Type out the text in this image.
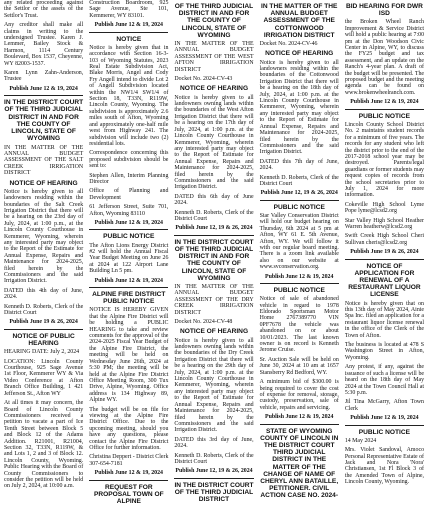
any related proceeding against the Settlor or the assets of the Settlor's Trust.

Any creditor shall make all claims in writing to the undersigned Trustee. Karen J. Lemmer, Bailey Stock & Harmon, 1114 Century Boulevard, Box 1537, Cheyenne, WY 82003-1537.

Karen Lynn Zahn-Anderson, Trustee

Publish June 12 & 19, 2024

IN THE DISTRICT COURT OF THE THIRD JUDICIAL DISTRICT IN AND FOR THE COUNTY OF LINCOLN, STATE OF WYOMING

IN THE MATTER OF THE ANNUAL BUDGET ASSESSMENT OF THE SALT CREEK IRRIGATION DISTRICT

NOTICE OF HEARING

Notice is hereby given to all landowners residing within the boundaries of the Salt Creek Irrigation District that there will be a hearing on the 23rd day of July, 2024, at 1:00 p.m., at the Lincoln County Courthouse in Kemmerer, Wyoming, wherein any interested party may object to the Report of the Estimate for Annual Expense, Repairs and Maintenance for 2024-2025, filed herein by the Commissioners and the said Irrigation District.

DATED this 4th day of June, 2024.

Kenneth D. Roberts, Clerk of the District Court

Publish June 19 & 26, 2024

NOTICE OF PUBLIC HEARING

HEARING DATE: July 2, 2024

LOCATION: Lincoln County Courthouse, 925 Sage Avenue 1st Floor, Kemmerer WY & Via Video Conference at Afton Branch Office Building, 1 421 Jefferson St., Afton WY

At all times it may concern, the Board of Lincoln County Commissioners received a petition to vacate a part of Ice Tenth Street between Block 5 and Block 12 of the Adams Addition. R21001, R21004, Section 32, T33N, R119W, & and Lots 1, 2 and 3 of Block 12. Lincoln County, Wyoming. Public Hearing with the Board of County Commissioners to consider the petition will be held on July 2, 2024, at 10:00 a.m.

Construction Boardroom, 925 Sage Avenue, Ste 101, Kemmerer, WY 83101.

Publish June 12 & 19, 2024

NOTICE

Notice is hereby given that in accordance with Section 16-3-103 of Wyoming Statutes, 2023 Real Estate Subdivision Act, Blake Morris, Angel and Cody Fry Angell intend to divide Lot 2 of Angell Subdivision located within the NW1/4 SW1/4 of Section 18, T33N, R119W, Lincoln County, Wyoming. The subdivision is approximately 2.6 miles south of Afton, Wyoming and approximately one-half mile west from Highway 241. The subdivision will include two (2) residential lots.

Correspondence concerning this proposed subdivision should be sent to:

Stephen Allen, Interim Planning Director

Office of Planning and Development

61 Jefferson Street, Suite 701, Afton, Wyoming 83110

Publish June 12 & 19, 2024

PUBLIC NOTICE

The Afton Lions Energy District #2 will hold the Annual Fiscal Year Budget Meeting on June 26 at 2024 at 122 Airport Lane Building Ln 5 pm.

Publish June 12 & 19, 2024

ALPINE FIRE DISTRICT PUBLIC NOTICE

NOTICE IS HEREBY GIVEN that the Alpine Fire District will be holding a PUBLIC HEARING to take and review comments for the approval of the 2024-2025 Fiscal Year Budget of the Alpine Fire District, the meeting will be held on Wednesday June 26th, 2024 at 5:30 PM; the meeting will be held at the Alpine Fire District Office Meeting Room, 300 Tux Drive, Alpine, Wyoming. Office address is 134 Highway 89, Alpine WY.

The budget will be on file for viewing at the Alpine Fire District Office. Due to the upcoming meeting, should you have any questions, please contact the Alpine Fire District Office for further information.

Christina Deppert - District Clerk 307-654-7181

Publish June 12 & 19, 2024

REQUEST FOR PROPOSAL TOWN OF ALPINE
OF THE THIRD JUDICIAL DISTRICT IN AND FOR THE COUNTY OF LINCOLN, STATE OF WYOMING

IN THE MATTER OF THE ANNUAL BUDGET ASSESSMENT OF THE WEST AFTON IRRIGATION DISTRICT

Docket No. 2024-CV-43

NOTICE OF HEARING

Notice is hereby given to all landowners owning lands within the boundaries of the West Afton Irrigation District that there will be a hearing on the 17th day of July, 2024, at 1:00 p.m. at the Lincoln County Courthouse in Kemmerer, Wyoming, wherein any interested party may object to the Report of Estimate for Annual Expense, Repairs and Maintenance for 2024-2025, filed herein by the Commissioners and the said Irrigation District.

DATED this 6th day of June 2024.

Kenneth D. Roberts, Clerk of the District Court

Publish June 12, 19 & 26, 2024

IN THE DISTRICT COURT OF THE THIRD JUDICIAL DISTRICT IN AND FOR THE COUNTY OF LINCOLN, STATE OF WYOMING

IN THE MATTER OF THE ANNUAL BUDGET ASSESSMENT OF THE DRY CREEK IRRIGATION DISTRICT

Docket No. 2024-CV-48

NOTICE OF HEARING

Notice is hereby given to all landowners owning lands within the boundaries of the Dry Creek Irrigation District that there will be a hearing on the 29th day of July, 2024, at 1:00 p.m. at the Lincoln County Courthouse in Kemmerer, Wyoming, wherein any interested party may object to the Report of Estimate for Annual Expense, Repairs and Maintenance for 2024-2025, filed herein by the Commissioners and the said Irrigation District.

DATED this 3rd day of June, 2024.

Kenneth D. Roberts, Clerk of the District Court

Publish June 12, 19 & 26, 2024

IN THE DISTRICT COURT OF THE THIRD JUDICIAL DISTRICT
IN THE MATTER OF THE ANNUAL BUDGET ASSESSMENT OF THE COTTONWOOD IRRIGATION DISTRICT

Docket No. 2024-CV-46

NOTICE OF HEARING

Notice is hereby given to all landowners residing within the boundaries of the Cottonwood Irrigation District that there will be a hearing on the 18th day of July, 2024, at 1:00 p.m. at the Lincoln County Courthouse in Kemmerer, Wyoming, wherein any interested party may object to the Report of Estimate for Annual Expense, Repairs and Maintenance for 2024-2025, filed herein by the Commissioners and the said Irrigation District.

DATED this 7th day of June, 2024.

Kenneth D. Roberts, Clerk of the District Court

Publish June 12, 19 & 26, 2024

PUBLIC NOTICE

Star Valley Conservation District will hold our budget hearing on Thursday, 6th 2024 at 5 pm at Afton, WY 61 E. 5th Avenue, Afton, WY. We will follow it with our regular board meeting. There is a zoom link available also on our website at www.svconservation.org.

Publish June 12 & 19, 2024

PUBLIC NOTICE

Notice of sale of abandoned vehicle in regard to 1978 Eldorado Sportsman Motor Home 2767389770 VIN 0PF7678 the vehicle was abandoned on or about 10/01/2023. The last known owner is on record is Kenneth Jerome Cruise.

Sr. Auction Sale will be held on June 30, 2024 at 10 am at 1657 Stansberry Rd Bedford, WY.

A minimum bid of $300.00 is being required to cover the cost of expense for removal, storage, custody, preservation, sale of vehicle, repairs and servicing.

Publish June 12 & 19, 2024

STATE OF WYOMING COUNTY OF LINCOLN IN THE DISTRICT COURT THIRD JUDICIAL DISTRICT IN THE MATTER OF THE CHANGE OF NAME OF CHERYL ANN BATAILLE, PETITIONER. CIVIL ACTION CASE NO. 2024-
BID HEARING FOR DWR ISD

the Broken Wheel Ranch Improvement & Service District will hold a public hearing at 7:00 pm at the Don Woodson Civic Center in Alpine, WY, to discuss the FY25 budget and tax assessment, and an update on the Ranch's 4-year plan. A draft of the budget will be presented. The proposed budget and the meeting agenda can be found on www.brokenwheelranch.com.

Publish June 12 & 19, 2024

PUBLIC NOTICE

Lincoln County School District No. 2 maintains student records for a minimum of five years. The records for any student who left the district prior to the end of the 2017-2018 school year may be destroyed. Parents/legal guardians or former students may request copies of records from the school secretaries prior to July 1, 2024 for more information.

Cokeville High School Lyme Pope lyme@lcsd2.org

Star Valley High School Heather Warren heatherw@lcsd2.org

Swift Creek High School Cheri Sullivan cheris@lcsd2.org

Publish June 19 & 26, 2024

NOTICE OF APPLICATION FOR RENEWAL OF A RESTAURANT LIQUOR LICENSE

Notice is hereby given that on this 13th day of May 2024, Ainie Spa Inc. filed an application for a restaurant liquor license renewal in the office of the Clerk of the Town of Afton.

The business is located at 478 S Washington Street in Afton, Wyoming.

Any protest, if any, against the issuance of such a license will be heard on the 18th day of May 2024 at the Town Council Hall at 5:30 p.m.

Jil Tina McGarry, Afton Town Clerk

Publish June 12 & 19, 2024

PUBLIC NOTICE

14 May 2024

Mrs. Violet Sandoval, Amoco Personal Representative Estate of Jack and Nora 'Nora' Christiansen, 1st Fl Block 3 of the Amended Town of Alpine, Lincoln County, Wyoming.
